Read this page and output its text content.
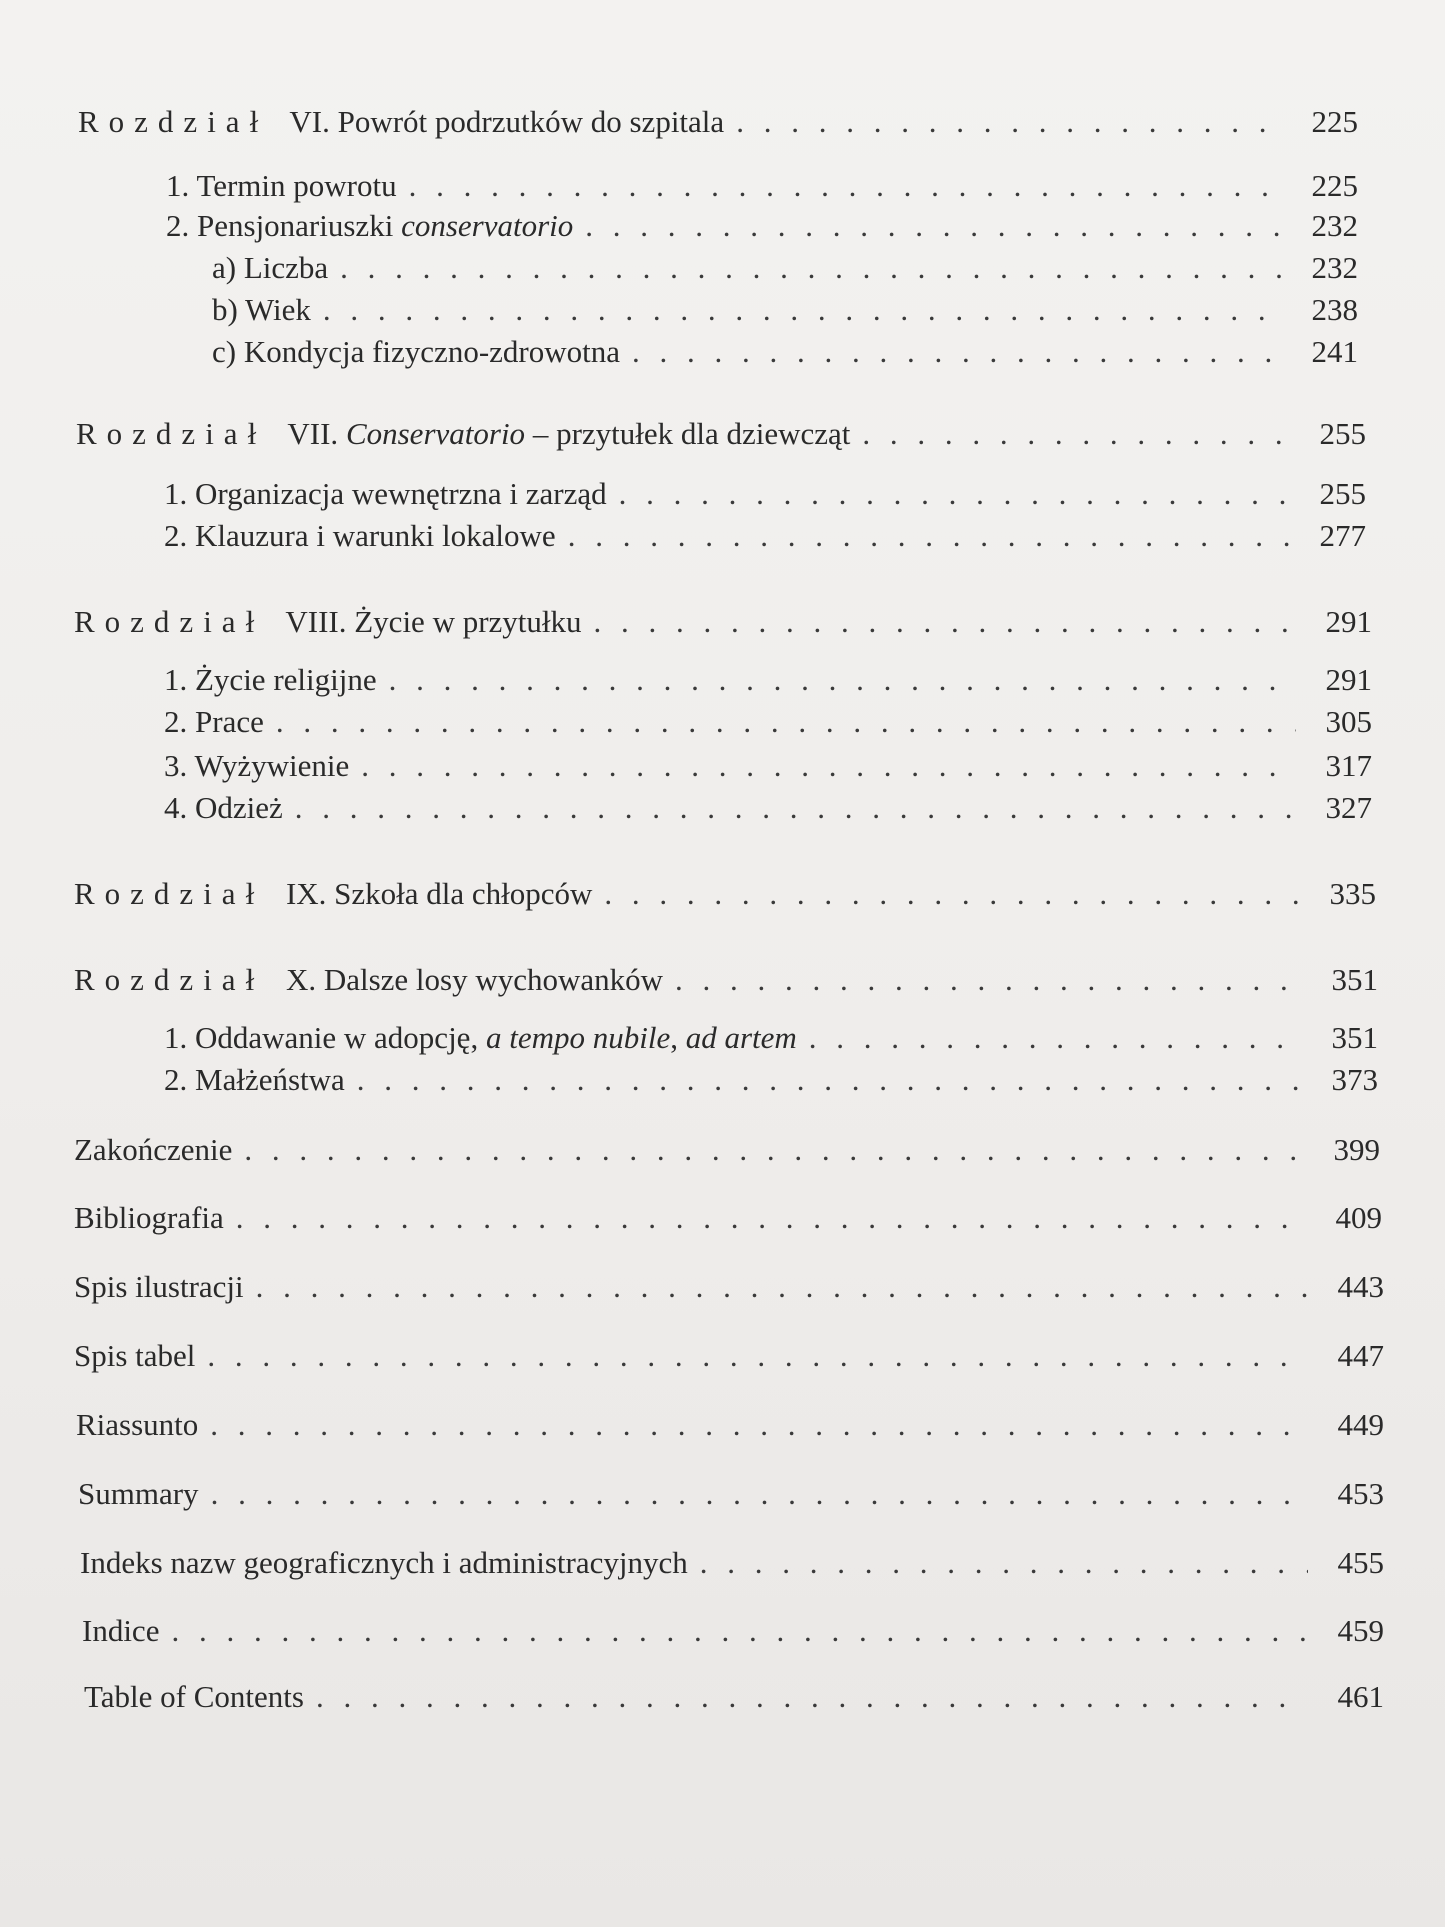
Rozdział VI. Powrót podrzutków do szpitala . . .	225
1. Termin powrotu . . .	225
2. Pensjonariuszki conservatorio . . .	232
a) Liczba . . .	232
b) Wiek . . .	238
c) Kondycja fizyczno-zdrowotna . . .	241
Rozdział VII. Conservatorio – przytułek dla dziewcząt . . .	255
1. Organizacja wewnętrzna i zarząd . . .	255
2. Klauzura i warunki lokalowe . . .	277
Rozdział VIII. Życie w przytułku . . .	291
1. Życie religijne . . .	291
2. Prace . . .	305
3. Wyżywienie . . .	317
4. Odzież . . .	327
Rozdział IX. Szkoła dla chłopców . . .	335
Rozdział X. Dalsze losy wychowanków . . .	351
1. Oddawanie w adopcję, a tempo nubile, ad artem . . .	351
2. Małżeństwa . . .	373
Zakończenie . . .	399
Bibliografia . . .	409
Spis ilustracji . . .	443
Spis tabel . . .	447
Riassunto . . .	449
Summary . . .	453
Indeks nazw geograficznych i administracyjnych . . .	455
Indice . . .	459
Table of Contents . . .	461
